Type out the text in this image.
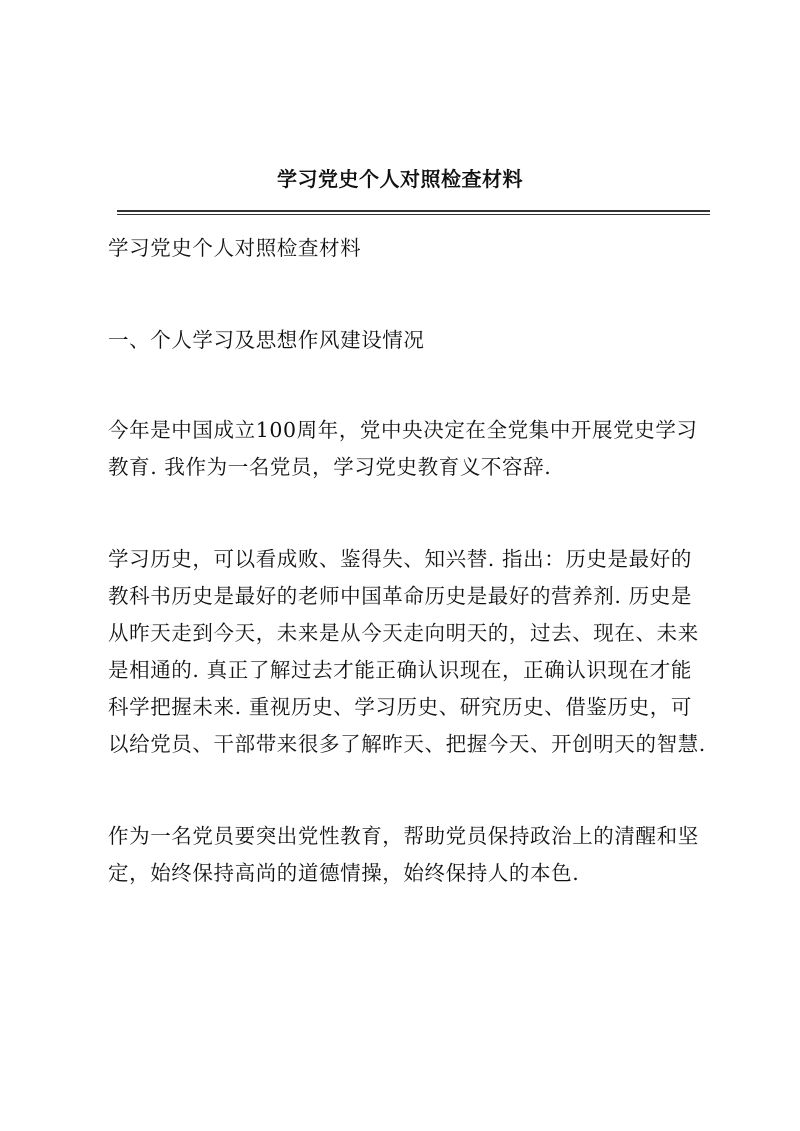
学习党史个人对照检查材料

学习党史个人对照检查材料

一、个人学习及思想作风建设情况

今年是中国成立100周年，党中央决定在全党集中开展党史学习教育. 我作为一名党员，学习党史教育义不容辞.

学习历史，可以看成败、鉴得失、知兴替. 指出：历史是最好的教科书历史是最好的老师中国革命历史是最好的营养剂. 历史是从昨天走到今天，未来是从今天走向明天的，过去、现在、未来是相通的. 真正了解过去才能正确认识现在，正确认识现在才能科学把握未来. 重视历史、学习历史、研究历史、借鉴历史，可以给党员、干部带来很多了解昨天、把握今天、开创明天的智慧.

作为一名党员要突出党性教育，帮助党员保持政治上的清醒和坚定，始终保持高尚的道德情操，始终保持人的本色.
